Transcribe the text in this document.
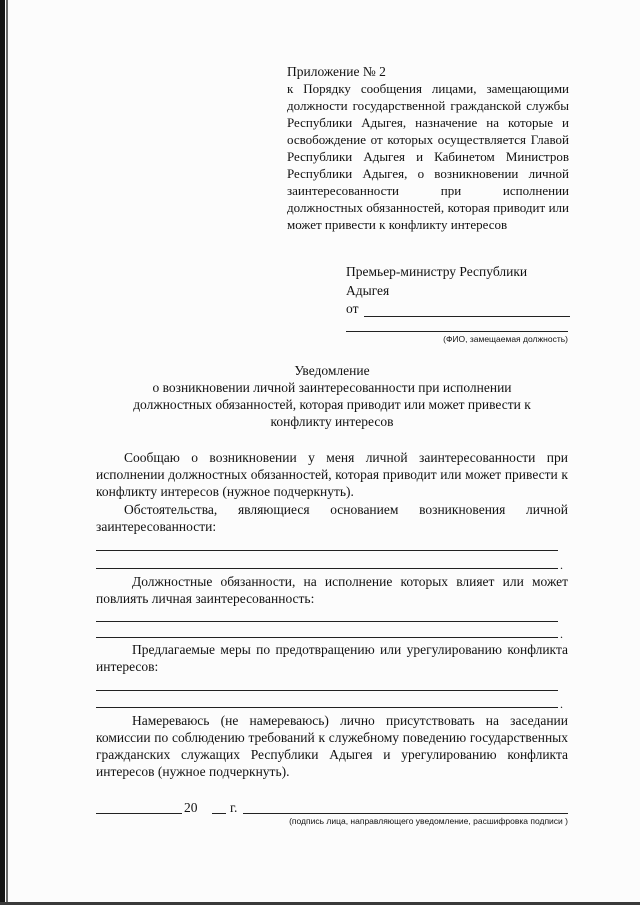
Приложение № 2
к Порядку сообщения лицами, замещающими должности государственной гражданской службы Республики Адыгея, назначение на которые и освобождение от которых осуществляется Главой Республики Адыгея и Кабинетом Министров Республики Адыгея, о возникновении личной заинтересованности при исполнении должностных обязанностей, которая приводит или может привести к конфликту интересов
Премьер-министру Республики
Адыгея
от
(ФИО, замещаемая должность)
Уведомление
о возникновении личной заинтересованности при исполнении
должностных обязанностей, которая приводит или может привести к
конфликту интересов
Сообщаю о возникновении у меня личной заинтересованности при исполнении должностных обязанностей, которая приводит или может привести к конфликту интересов (нужное подчеркнуть).
Обстоятельства, являющиеся основанием возникновения личной заинтересованности:
.
Должностные обязанности, на исполнение которых влияет или может повлиять личная заинтересованность:
.
Предлагаемые меры по предотвращению или урегулированию конфликта интересов:
.
Намереваюсь (не намереваюсь) лично присутствовать на заседании комиссии по соблюдению требований к служебному поведению государственных гражданских служащих Республики Адыгея и урегулированию конфликта интересов (нужное подчеркнуть).
20 г.
(подпись лица, направляющего уведомление, расшифровка подписи )
